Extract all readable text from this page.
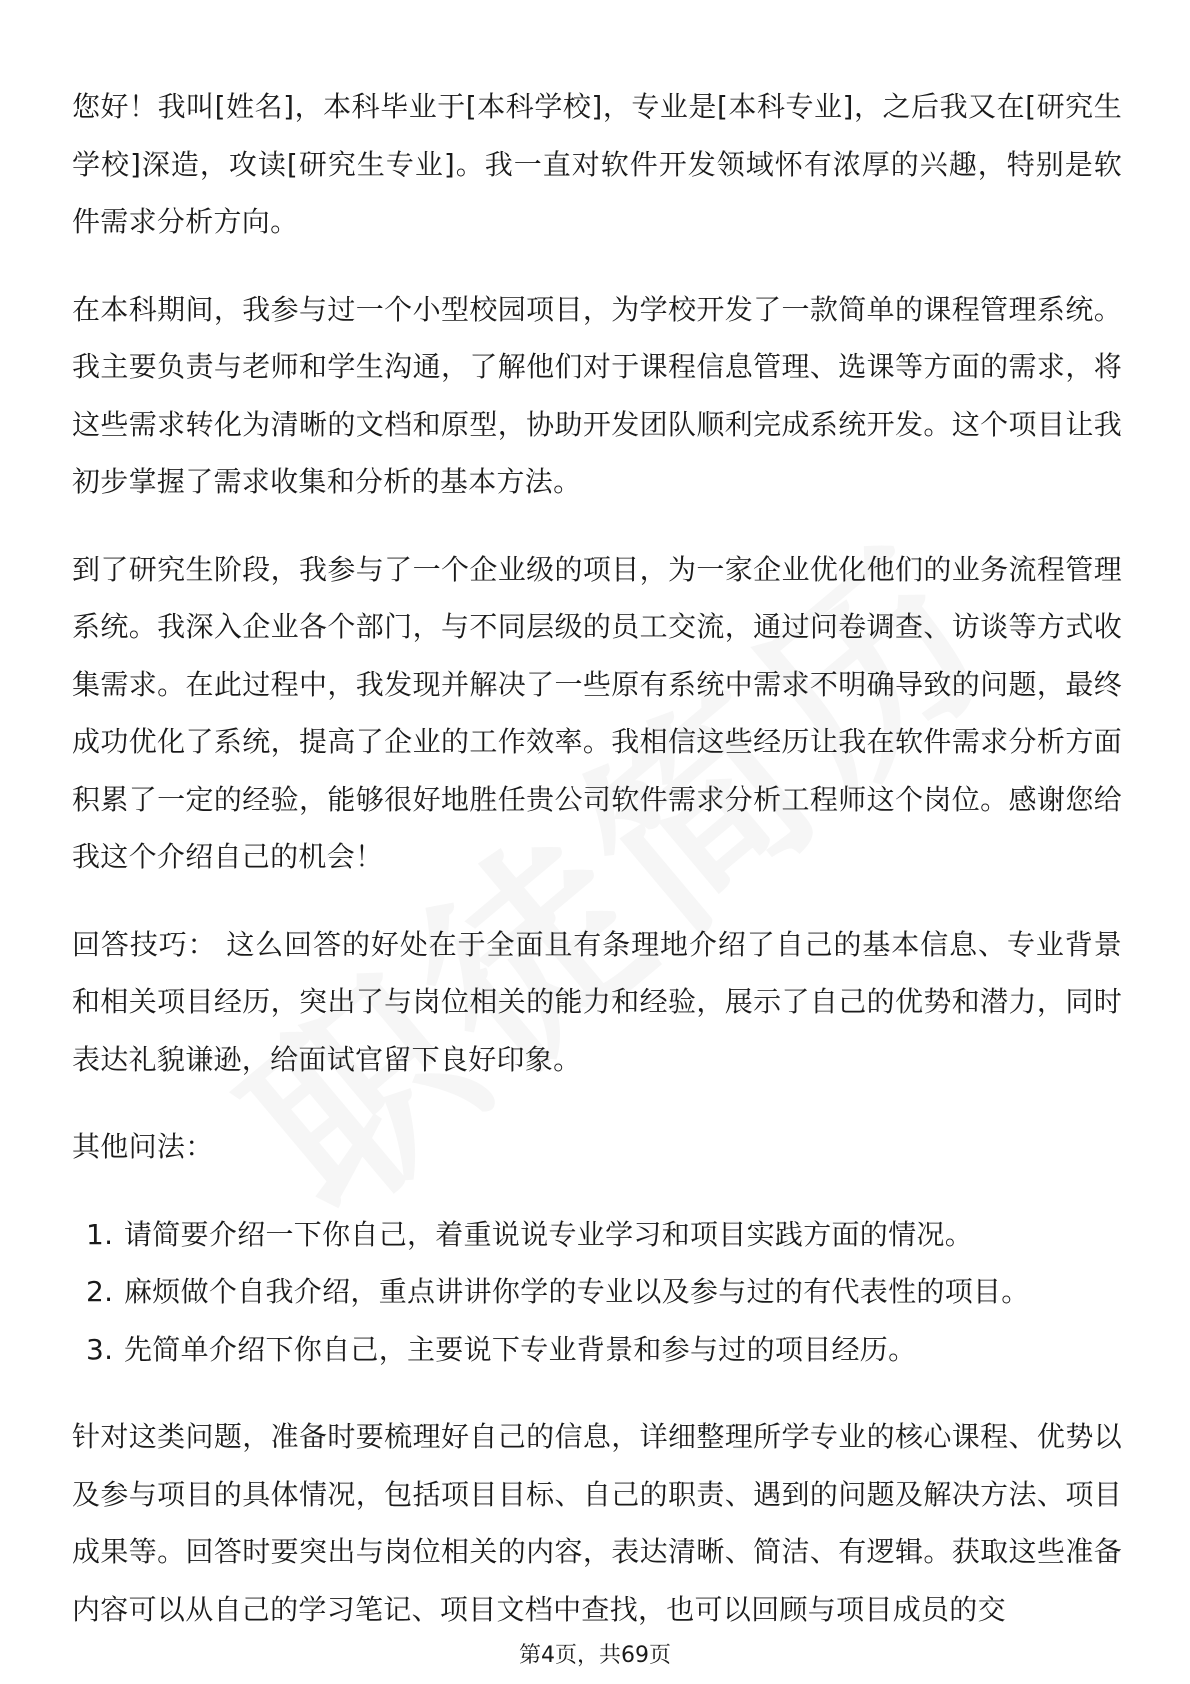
您好！我叫[姓名]，本科毕业于[本科学校]，专业是[本科专业]，之后我又在[研究生学校]深造，攻读[研究生专业]。我一直对软件开发领域怀有浓厚的兴趣，特别是软件需求分析方向。

在本科期间，我参与过一个小型校园项目，为学校开发了一款简单的课程管理系统。我主要负责与老师和学生沟通，了解他们对于课程信息管理、选课等方面的需求，将这些需求转化为清晰的文档和原型，协助开发团队顺利完成系统开发。这个项目让我初步掌握了需求收集和分析的基本方法。

到了研究生阶段，我参与了一个企业级的项目，为一家企业优化他们的业务流程管理系统。我深入企业各个部门，与不同层级的员工交流，通过问卷调查、访谈等方式收集需求。在此过程中，我发现并解决了一些原有系统中需求不明确导致的问题，最终成功优化了系统，提高了企业的工作效率。我相信这些经历让我在软件需求分析方面积累了一定的经验，能够很好地胜任贵公司软件需求分析工程师这个岗位。感谢您给我这个介绍自己的机会！

回答技巧： 这么回答的好处在于全面且有条理地介绍了自己的基本信息、专业背景和相关项目经历，突出了与岗位相关的能力和经验，展示了自己的优势和潜力，同时表达礼貌谦逊，给面试官留下良好印象。

其他问法：

1. 请简要介绍一下你自己，着重说说专业学习和项目实践方面的情况。
2. 麻烦做个自我介绍，重点讲讲你学的专业以及参与过的有代表性的项目。
3. 先简单介绍下你自己，主要说下专业背景和参与过的项目经历。

针对这类问题，准备时要梳理好自己的信息，详细整理所学专业的核心课程、优势以及参与项目的具体情况，包括项目目标、自己的职责、遇到的问题及解决方法、项目成果等。回答时要突出与岗位相关的内容，表达清晰、简洁、有逻辑。获取这些准备内容可以从自己的学习笔记、项目文档中查找，也可以回顾与项目成员的交

第4页，共69页
